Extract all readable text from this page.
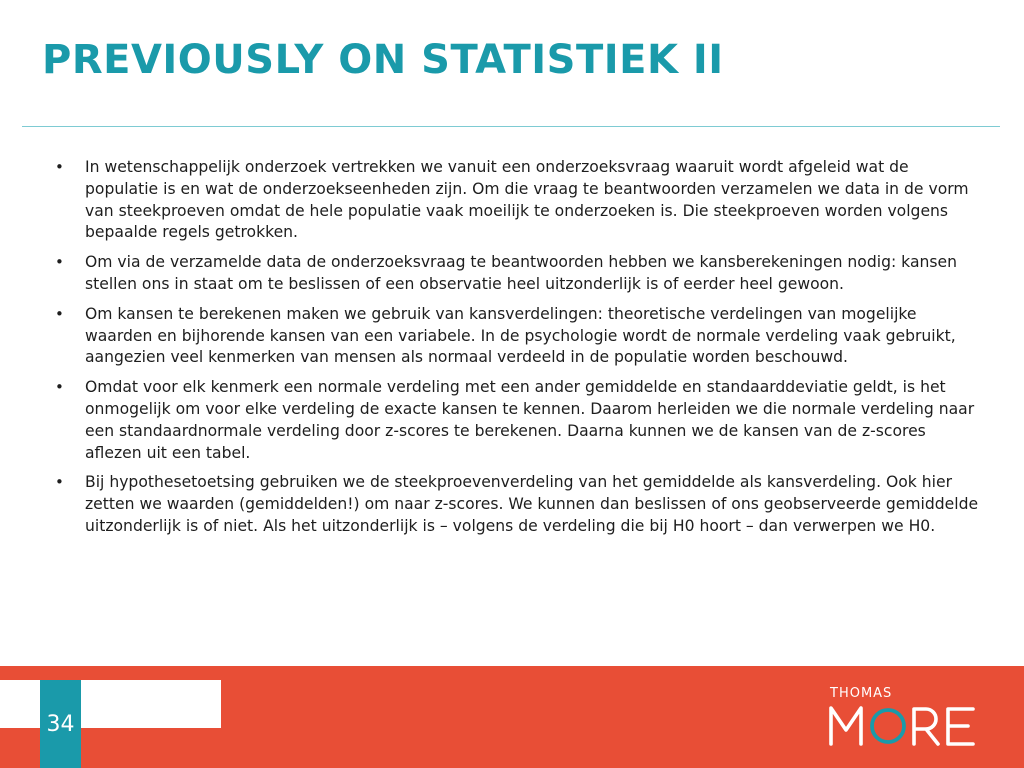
PREVIOUSLY ON STATISTIEK II
• In wetenschappelijk onderzoek vertrekken we vanuit een onderzoeksvraag waaruit wordt afgeleid wat de populatie is en wat de onderzoekseenheden zijn. Om die vraag te beantwoorden verzamelen we data in de vorm van steekproeven omdat de hele populatie vaak moeilijk te onderzoeken is. Die steekproeven worden volgens bepaalde regels getrokken.
• Om via de verzamelde data de onderzoeksvraag te beantwoorden hebben we kansberekeningen nodig: kansen stellen ons in staat om te beslissen of een observatie heel uitzonderlijk is of eerder heel gewoon.
• Om kansen te berekenen maken we gebruik van kansverdelingen: theoretische verdelingen van mogelijke waarden en bijhorende kansen van een variabele. In de psychologie wordt de normale verdeling vaak gebruikt, aangezien veel kenmerken van mensen als normaal verdeeld in de populatie worden beschouwd.
• Omdat voor elk kenmerk een normale verdeling met een ander gemiddelde en standaarddeviatie geldt, is het onmogelijk om voor elke verdeling de exacte kansen te kennen. Daarom herleiden we die normale verdeling naar een standaardnormale verdeling door z-scores te berekenen. Daarna kunnen we de kansen van de z-scores aflezen uit een tabel.
• Bij hypothesetoetsing gebruiken we de steekproevenverdeling van het gemiddelde als kansverdeling. Ook hier zetten we waarden (gemiddelden!) om naar z-scores. We kunnen dan beslissen of ons geobserveerde gemiddelde uitzonderlijk is of niet. Als het uitzonderlijk is – volgens de verdeling die bij H0 hoort – dan verwerpen we H0.
34
THOMAS
